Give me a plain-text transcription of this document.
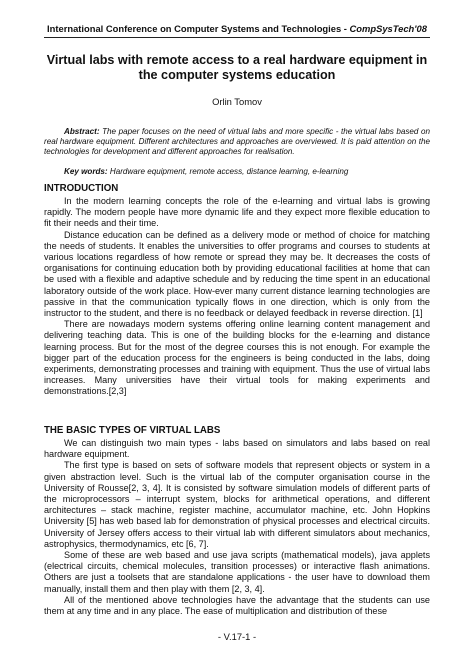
International Conference on Computer Systems and Technologies - CompSysTech'08
Virtual labs with remote access to a real hardware equipment in the computer systems education
Orlin Tomov
Abstract: The paper focuses on the need of virtual labs and more specific - the virtual labs based on real hardware equipment. Different architectures and approaches are overviewed. It is paid attention on the technologies for development and different approaches for realisation.
Key words: Hardware equipment, remote access, distance learning, e-learning
INTRODUCTION

In the modern learning concepts the role of the e-learning and virtual labs is growing rapidly. The modern people have more dynamic life and they expect more flexible education to fit their needs and their time.

Distance education can be defined as a delivery mode or method of choice for matching the needs of students. It enables the universities to offer programs and courses to students at various locations regardless of how remote or spread they may be. It decreases the costs of organisations for continuing education both by providing educational facilities at home that can be used with a flexible and adaptive schedule and by reducing the time spent in an educational laboratory outside of the work place. How-ever many current distance learning technologies are passive in that the communication typically flows in one direction, which is only from the instructor to the student, and there is no feedback or delayed feedback in reverse direction. [1]

There are nowadays modern systems offering online learning content management and delivering teaching data. This is one of the building blocks for the e-learning and distance learning process. But for the most of the degree courses this is not enough. For example the bigger part of the education process for the engineers is being conducted in the labs, doing experiments, demonstrating processes and training with equipment. Thus the use of virtual labs increases. Many universities have their virtual tools for making experiments and demonstrations.[2,3]

THE BASIC TYPES OF VIRTUAL LABS

We can distinguish two main types - labs based on simulators and labs based on real hardware equipment.

The first type is based on sets of software models that represent objects or system in a given abstraction level. Such is the virtual lab of the computer organisation course in the University of Rousse[2, 3, 4]. It is consisted by software simulation models of different parts of the microprocessors – interrupt system, blocks for arithmetical operations, and different architectures – stack machine, register machine, accumulator machine, etc. John Hopkins University [5] has web based lab for demonstration of physical processes and electrical circuits. University of Jersey offers access to their virtual lab with different simulators about mechanics, astrophysics, thermodynamics, etc [6, 7].

Some of these are web based and use java scripts (mathematical models), java applets (electrical circuits, chemical molecules, transition processes) or interactive flash animations. Others are just a toolsets that are standalone applications - the user have to download them manually, install them and then play with them [2, 3, 4].

All of the mentioned above technologies have the advantage that the students can use them at any time and in any place. The ease of multiplication and distribution of these

- V.17-1 -
